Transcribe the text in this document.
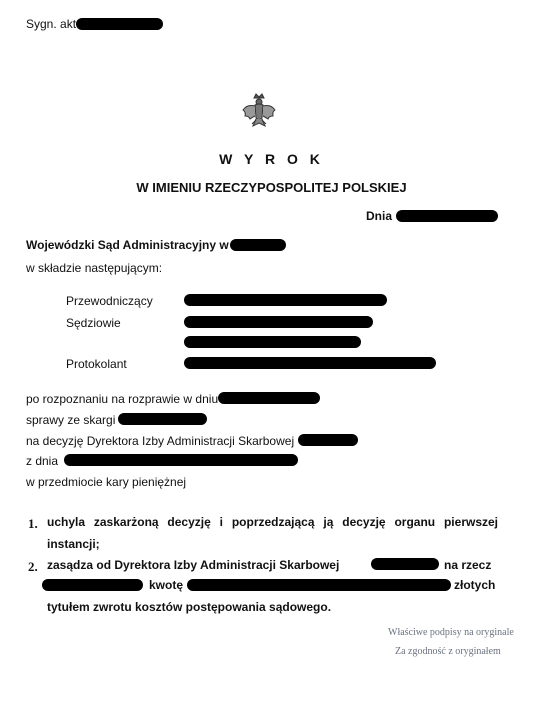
Sygn. akt
W Y R O K
W IMIENIU RZECZYPOSPOLITEJ POLSKIEJ
Dnia
Wojewódzki Sąd Administracyjny w
w składzie następującym:
Przewodniczący
Sędziowie
Protokolant
po rozpoznaniu na rozprawie w dniu
sprawy ze skargi
na decyzję Dyrektora Izby Administracji Skarbowej
z dnia
w przedmiocie kary pieniężnej
1. uchyla zaskarżoną decyzję i poprzedzającą ją decyzję organu pierwszej
instancji;
2. zasądza od Dyrektora Izby Administracji Skarbowej	na rzecz
kwotę	złotych
tytułem zwrotu kosztów postępowania sądowego.
Właściwe podpisy na oryginale
Za zgodność z oryginałem
